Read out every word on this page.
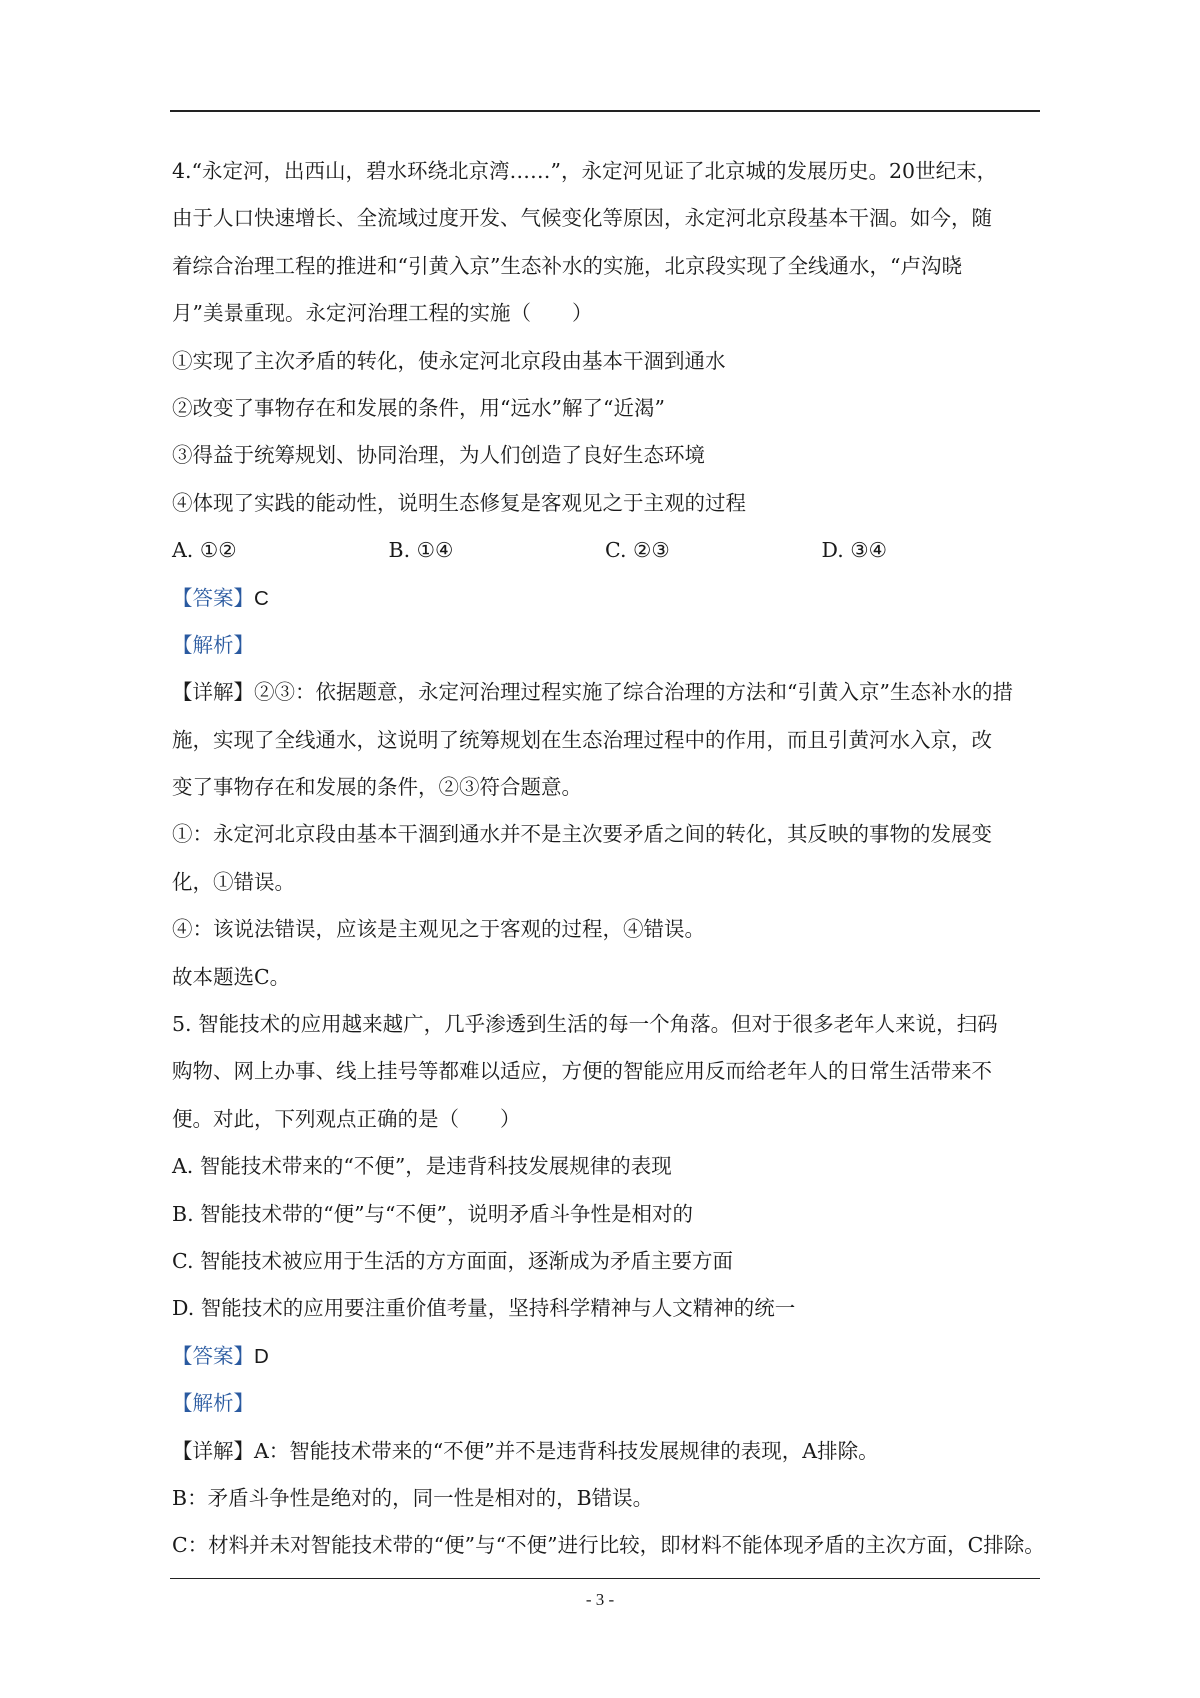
4.“永定河，出西山，碧水环绕北京湾……”，永定河见证了北京城的发展历史。20世纪末，
由于人口快速增长、全流域过度开发、气候变化等原因，永定河北京段基本干涸。如今，随
着综合治理工程的推进和“引黄入京”生态补水的实施，北京段实现了全线通水，“卢沟晓
月”美景重现。永定河治理工程的实施（　　）
①实现了主次矛盾的转化，使永定河北京段由基本干涸到通水
②改变了事物存在和发展的条件，用“远水”解了“近渴”
③得益于统筹规划、协同治理，为人们创造了良好生态环境
④体现了实践的能动性，说明生态修复是客观见之于主观的过程
A. ①②	B. ①④	C. ②③	D. ③④
【答案】C
【解析】
【详解】②③：依据题意，永定河治理过程实施了综合治理的方法和“引黄入京”生态补水的措
施，实现了全线通水，这说明了统筹规划在生态治理过程中的作用，而且引黄河水入京，改
变了事物存在和发展的条件，②③符合题意。
①：永定河北京段由基本干涸到通水并不是主次要矛盾之间的转化，其反映的事物的发展变
化，①错误。
④：该说法错误，应该是主观见之于客观的过程，④错误。
故本题选C。
5. 智能技术的应用越来越广，几乎渗透到生活的每一个角落。但对于很多老年人来说，扫码
购物、网上办事、线上挂号等都难以适应，方便的智能应用反而给老年人的日常生活带来不
便。对此，下列观点正确的是（　　）
A. 智能技术带来的“不便”，是违背科技发展规律的表现
B. 智能技术带的“便”与“不便”，说明矛盾斗争性是相对的
C. 智能技术被应用于生活的方方面面，逐渐成为矛盾主要方面
D. 智能技术的应用要注重价值考量，坚持科学精神与人文精神的统一
【答案】D
【解析】
【详解】A：智能技术带来的“不便”并不是违背科技发展规律的表现，A排除。
B：矛盾斗争性是绝对的，同一性是相对的，B错误。
C：材料并未对智能技术带的“便”与“不便”进行比较，即材料不能体现矛盾的主次方面，C排除。
- 3 -
